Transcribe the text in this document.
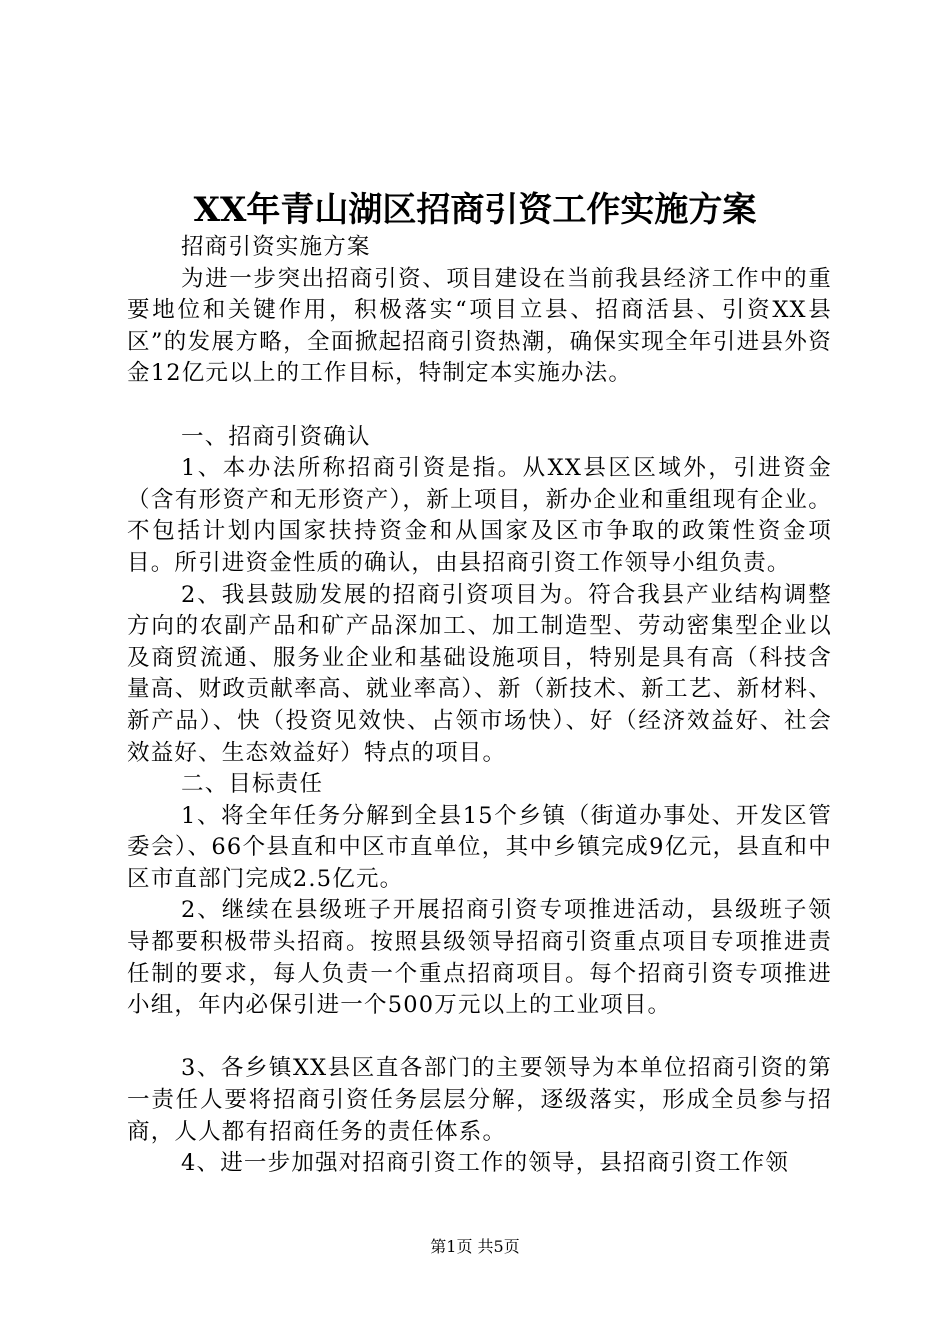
XX年青山湖区招商引资工作实施方案

招商引资实施方案

为进一步突出招商引资、项目建设在当前我县经济工作中的重要地位和关键作用，积极落实“项目立县、招商活县、引资XX县区”的发展方略，全面掀起招商引资热潮，确保实现全年引进县外资金12亿元以上的工作目标，特制定本实施办法。

一、招商引资确认

1、本办法所称招商引资是指。从XX县区区域外，引进资金（含有形资产和无形资产），新上项目，新办企业和重组现有企业。不包括计划内国家扶持资金和从国家及区市争取的政策性资金项目。所引进资金性质的确认，由县招商引资工作领导小组负责。

2、我县鼓励发展的招商引资项目为。符合我县产业结构调整方向的农副产品和矿产品深加工、加工制造型、劳动密集型企业以及商贸流通、服务业企业和基础设施项目，特别是具有高（科技含量高、财政贡献率高、就业率高）、新（新技术、新工艺、新材料、新产品）、快（投资见效快、占领市场快）、好（经济效益好、社会效益好、生态效益好）特点的项目。

二、目标责任

1、将全年任务分解到全县15个乡镇（街道办事处、开发区管委会）、66个县直和中区市直单位，其中乡镇完成9亿元，县直和中区市直部门完成2.5亿元。

2、继续在县级班子开展招商引资专项推进活动，县级班子领导都要积极带头招商。按照县级领导招商引资重点项目专项推进责任制的要求，每人负责一个重点招商项目。每个招商引资专项推进小组，年内必保引进一个500万元以上的工业项目。

3、各乡镇XX县区直各部门的主要领导为本单位招商引资的第一责任人要将招商引资任务层层分解，逐级落实，形成全员参与招商，人人都有招商任务的责任体系。

4、进一步加强对招商引资工作的领导，县招商引资工作领

第1页 共5页
